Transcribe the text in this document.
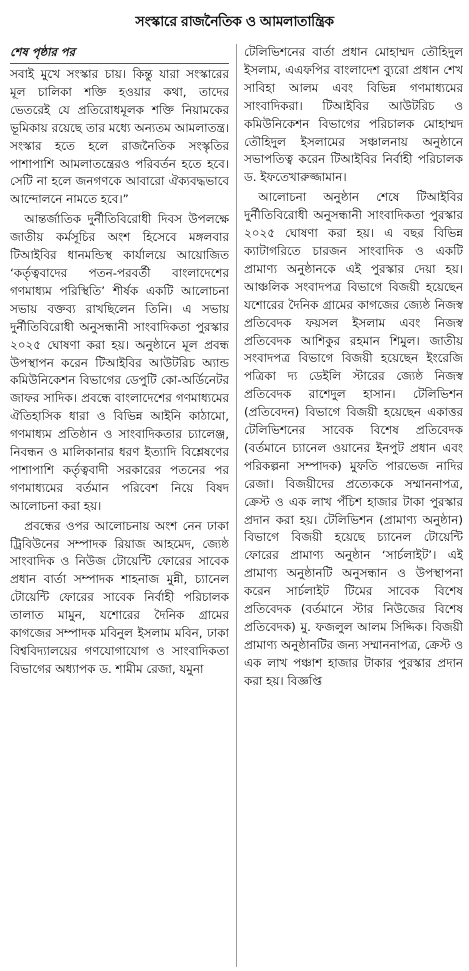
সংস্কারে রাজনৈতিক ও আমলাতান্ত্রিক
শেষ পৃষ্ঠার পর

সবাই মুখে সংস্কার চায়। কিন্তু যারা সংস্কারের মূল চালিকা শক্তি হওয়ার কথা, তাদের ভেতরেই যে প্রতিরোধমূলক শক্তি নিয়ামকের ভূমিকায় রয়েছে তার মধ্যে অন্যতম আমলাতন্ত্র। সংস্কার হতে হলে রাজনৈতিক সংস্কৃতির পাশাপাশি আমলাতন্ত্রেরও পরিবর্তন হতে হবে। সেটি না হলে জনগণকে আবারো ঐক্যবদ্ধভাবে আন্দোলনে নামতে হবে।”

আন্তর্জাতিক দুর্নীতিবিরোধী দিবস উপলক্ষে জাতীয় কর্মসূচির অংশ হিসেবে মঙ্গলবার টিআইবির ধানমন্ডিস্থ কার্যালয়ে আয়োজিত ‘কর্তৃত্ববাদের পতন-পরবর্তী বাংলাদেশের গণমাধ্যম পরিস্থিতি’ শীর্ষক একটি আলোচনা সভায় বক্তব্য রাখছিলেন তিনি। এ সভায় দুর্নীতিবিরোধী অনুসন্ধানী সাংবাদিকতা পুরস্কার ২০২৫ ঘোষণা করা হয়। অনুষ্ঠানে মূল প্রবন্ধ উপস্থাপন করেন টিআইবির আউটরিচ অ্যান্ড কমিউনিকেশন বিভাগের ডেপুটি কো-অর্ডিনেটর জাফর সাদিক। প্রবন্ধে বাংলাদেশের গণমাধ্যমের ঐতিহাসিক ধারা ও বিভিন্ন আইনি কাঠামো, গণমাধ্যম প্রতিষ্ঠান ও সাংবাদিকতার চ্যালেঞ্জ, নিবন্ধন ও মালিকানার ধরণ ইত্যাদি বিশ্লেষণের পাশাপাশি কর্তৃত্ববাদী সরকারের পতনের পর গণমাধ্যমের বর্তমান পরিবেশ নিয়ে বিষদ আলোচনা করা হয়।

প্রবন্ধের ওপর আলোচনায় অংশ নেন ঢাকা ট্রিবিউনের সম্পাদক রিয়াজ আহমেদ, জ্যেষ্ঠ সাংবাদিক ও নিউজ টোয়েন্টি ফোরের সাবেক প্রধান বার্তা সম্পাদক শাহনাজ মুন্নী, চ্যানেল টোয়েন্টি ফোরের সাবেক নির্বাহী পরিচালক তালাত মামুন, যশোরের দৈনিক গ্রামের কাগজের সম্পাদক মবিনুল ইসলাম মবিন, ঢাকা বিশ্ববিদ্যালয়ের গণযোগাযোগ ও সাংবাদিকতা বিভাগের অধ্যাপক ড. শামীম রেজা, যমুনা

টেলিভিশনের বার্তা প্রধান মোহাম্মদ তৌহিদুল ইসলাম, এএফপির বাংলাদেশ ব্যুরো প্রধান শেখ সাবিহা আলম এবং বিভিন্ন গণমাধ্যমের সাংবাদিকরা। টিআইবির আউটরিচ ও কমিউনিকেশন বিভাগের পরিচালক মোহাম্মদ তৌহিদুল ইসলামের সঞ্চালনায় অনুষ্ঠানে সভাপতিত্ব করেন টিআইবির নির্বাহী পরিচালক ড. ইফতেখারুজ্জামান।

আলোচনা অনুষ্ঠান শেষে টিআইবির দুর্নীতিবিরোধী অনুসন্ধানী সাংবাদিকতা পুরস্কার ২০২৫ ঘোষণা করা হয়। এ বছর বিভিন্ন ক্যাটাগরিতে চারজন সাংবাদিক ও একটি প্রামাণ্য অনুষ্ঠানকে এই পুরস্কার দেয়া হয়। আঞ্চলিক সংবাদপত্র বিভাগে বিজয়ী হয়েছেন যশোরের দৈনিক গ্রামের কাগজের জ্যেষ্ঠ নিজস্ব প্রতিবেদক ফয়সল ইসলাম এবং নিজস্ব প্রতিবেদক আশিকুর রহমান শিমুল। জাতীয় সংবাদপত্র বিভাগে বিজয়ী হয়েছেন ইংরেজি পত্রিকা দ্য ডেইলি স্টারের জ্যেষ্ঠ নিজস্ব প্রতিবেদক রাশেদুল হাসান। টেলিভিশন (প্রতিবেদন) বিভাগে বিজয়ী হয়েছেন একাত্তর টেলিভিশনের সাবেক বিশেষ প্রতিবেদক (বর্তমানে চ্যানেল ওয়ানের ইনপুট প্রধান এবং পরিকল্পনা সম্পাদক) মুফতি পারভেজ নাদির রেজা। বিজয়ীদের প্রত্যেককে সম্মাননাপত্র, ক্রেস্ট ও এক লাখ পঁচিশ হাজার টাকা পুরস্কার প্রদান করা হয়। টেলিভিশন (প্রামাণ্য অনুষ্ঠান) বিভাগে বিজয়ী হয়েছে চ্যানেল টোয়েন্টি ফোরের প্রামাণ্য অনুষ্ঠান ‘সার্চলাইট’। এই প্রামাণ্য অনুষ্ঠানটি অনুসন্ধান ও উপস্থাপনা করেন সার্চলাইট টিমের সাবেক বিশেষ প্রতিবেদক (বর্তমানে স্টার নিউজের বিশেষ প্রতিবেদক) মু. ফজলুল আলম সিদ্দিক। বিজয়ী প্রামাণ্য অনুষ্ঠানটির জন্য সম্মাননাপত্র, ক্রেস্ট ও এক লাখ পঞ্চাশ হাজার টাকার পুরস্কার প্রদান করা হয়। বিজ্ঞপ্তি
